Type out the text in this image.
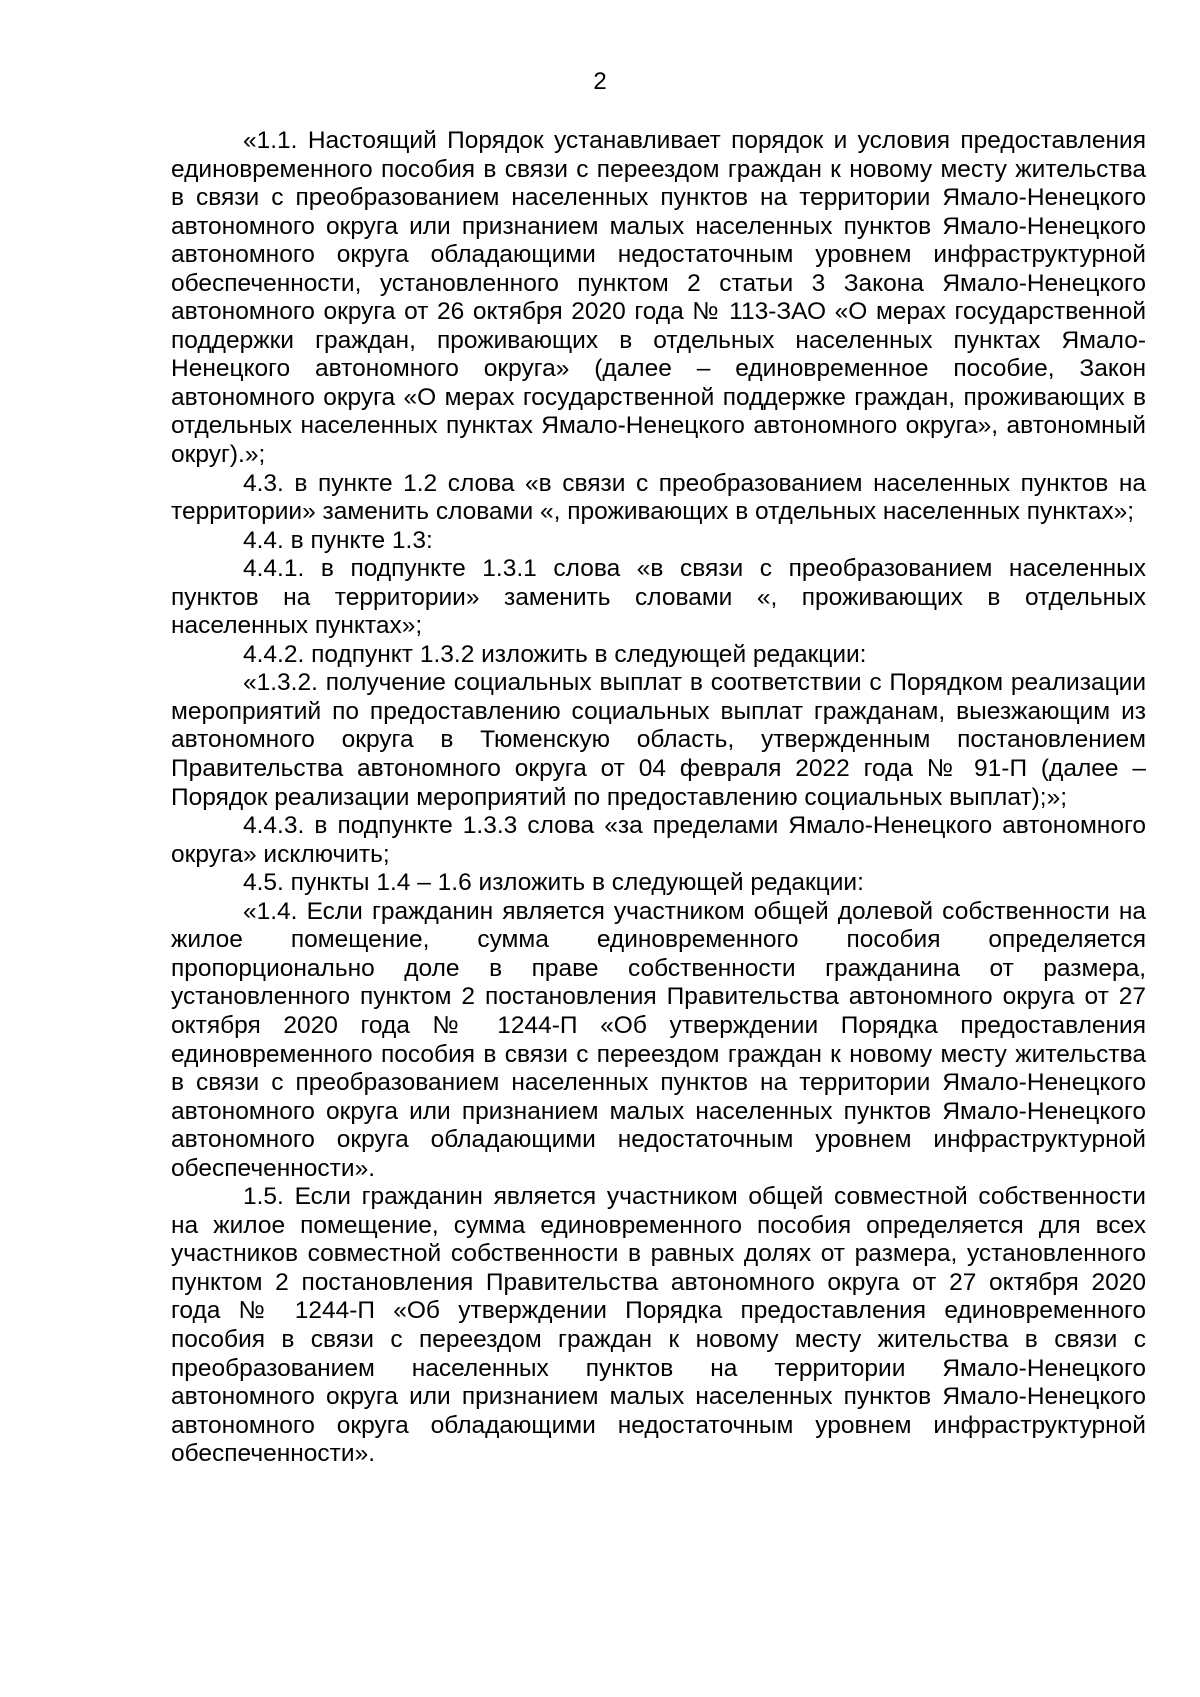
2

«1.1. Настоящий Порядок устанавливает порядок и условия предоставления единовременного пособия в связи с переездом граждан к новому месту жительства в связи с преобразованием населенных пунктов на территории Ямало-Ненецкого автономного округа или признанием малых населенных пунктов Ямало-Ненецкого автономного округа обладающими недостаточным уровнем инфраструктурной обеспеченности, установленного пунктом 2 статьи 3 Закона Ямало-Ненецкого автономного округа от 26 октября 2020 года № 113-ЗАО «О мерах государственной поддержки граждан, проживающих в отдельных населенных пунктах Ямало-Ненецкого автономного округа» (далее – единовременное пособие, Закон автономного округа «О мерах государственной поддержке граждан, проживающих в отдельных населенных пунктах Ямало-Ненецкого автономного округа», автономный округ).»;

4.3. в пункте 1.2 слова «в связи с преобразованием населенных пунктов на территории» заменить словами «, проживающих в отдельных населенных пунктах»;

4.4. в пункте 1.3:

4.4.1. в подпункте 1.3.1 слова «в связи с преобразованием населенных пунктов на территории» заменить словами «, проживающих в отдельных населенных пунктах»;

4.4.2. подпункт 1.3.2 изложить в следующей редакции:

«1.3.2. получение социальных выплат в соответствии с Порядком реализации мероприятий по предоставлению социальных выплат гражданам, выезжающим из автономного округа в Тюменскую область, утвержденным постановлением Правительства автономного округа от 04 февраля 2022 года № 91-П (далее – Порядок реализации мероприятий по предоставлению социальных выплат);»;

4.4.3. в подпункте 1.3.3 слова «за пределами Ямало-Ненецкого автономного округа» исключить;

4.5. пункты 1.4 – 1.6 изложить в следующей редакции:

«1.4. Если гражданин является участником общей долевой собственности на жилое помещение, сумма единовременного пособия определяется пропорционально доле в праве собственности гражданина от размера, установленного пунктом 2 постановления Правительства автономного округа от 27 октября 2020 года № 1244-П «Об утверждении Порядка предоставления единовременного пособия в связи с переездом граждан к новому месту жительства в связи с преобразованием населенных пунктов на территории Ямало-Ненецкого автономного округа или признанием малых населенных пунктов Ямало-Ненецкого автономного округа обладающими недостаточным уровнем инфраструктурной обеспеченности».

1.5. Если гражданин является участником общей совместной собственности на жилое помещение, сумма единовременного пособия определяется для всех участников совместной собственности в равных долях от размера, установленного пунктом 2 постановления Правительства автономного округа от 27 октября 2020 года № 1244-П «Об утверждении Порядка предоставления единовременного пособия в связи с переездом граждан к новому месту жительства в связи с преобразованием населенных пунктов на территории Ямало-Ненецкого автономного округа или признанием малых населенных пунктов Ямало-Ненецкого автономного округа обладающими недостаточным уровнем инфраструктурной обеспеченности».
